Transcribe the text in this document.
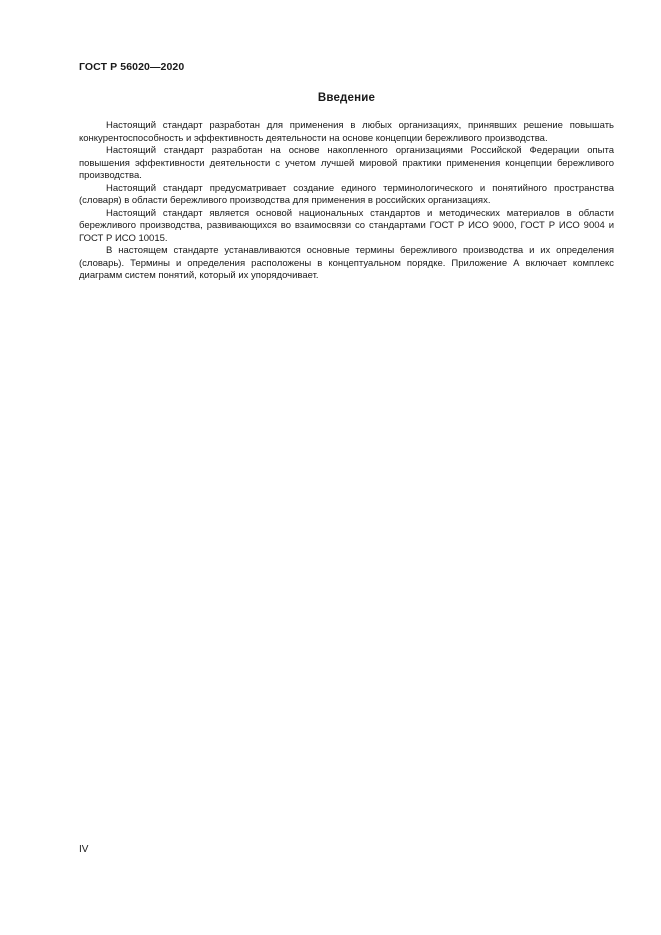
ГОСТ Р 56020—2020
Введение

Настоящий стандарт разработан для применения в любых организациях, принявших решение повышать конкурентоспособность и эффективность деятельности на основе концепции бережливого производства.

Настоящий стандарт разработан на основе накопленного организациями Российской Федерации опыта повышения эффективности деятельности с учетом лучшей мировой практики применения концепции бережливого производства.

Настоящий стандарт предусматривает создание единого терминологического и понятийного пространства (словаря) в области бережливого производства для применения в российских организациях.

Настоящий стандарт является основой национальных стандартов и методических материалов в области бережливого производства, развивающихся во взаимосвязи со стандартами ГОСТ Р ИСО 9000, ГОСТ Р ИСО 9004 и ГОСТ Р ИСО 10015.

В настоящем стандарте устанавливаются основные термины бережливого производства и их определения (словарь). Термины и определения расположены в концептуальном порядке. Приложение А включает комплекс диаграмм систем понятий, который их упорядочивает.

IV
